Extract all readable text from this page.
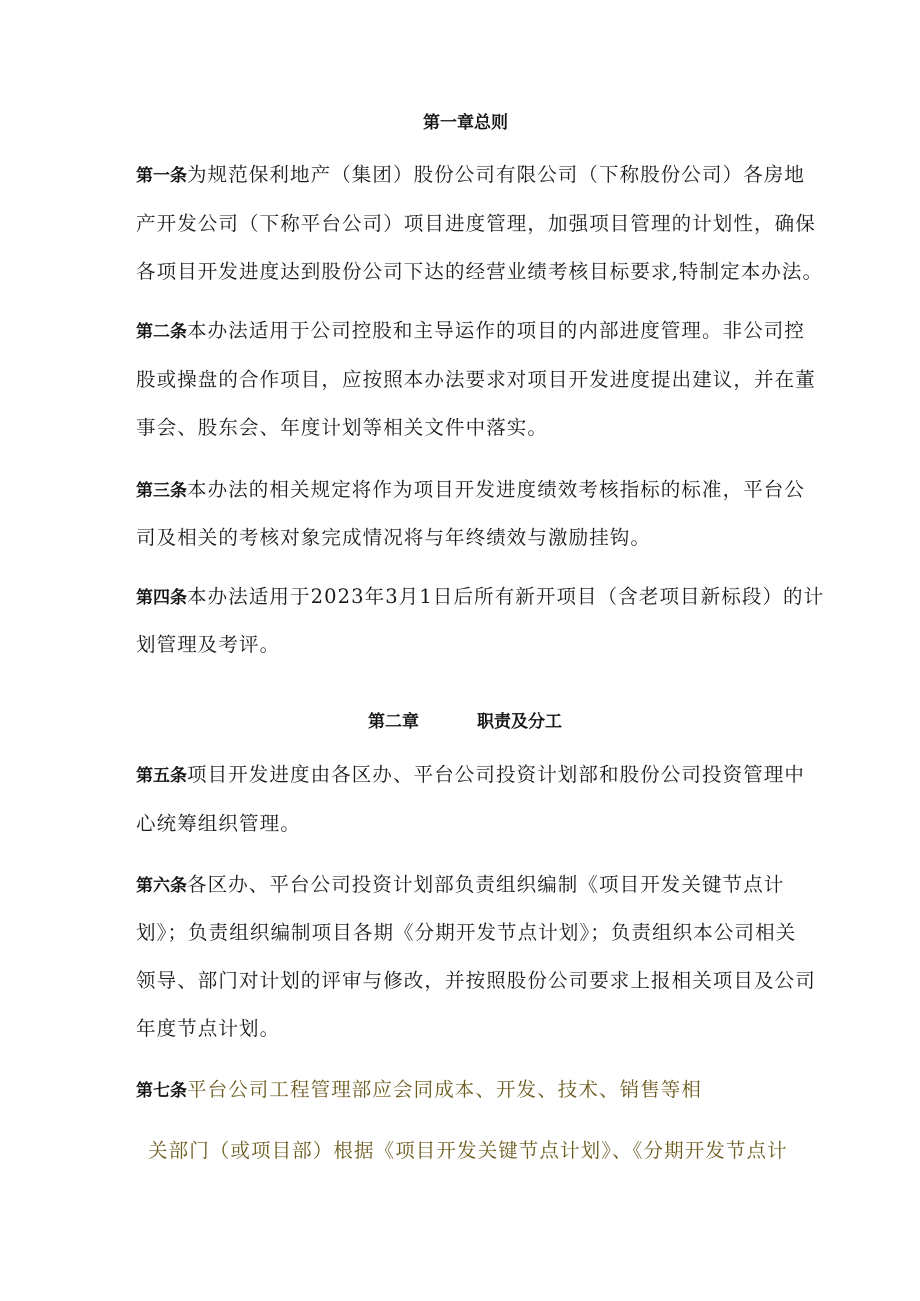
第一章总则
第一条为规范保利地产（集团）股份公司有限公司（下称股份公司）各房地
产开发公司（下称平台公司）项目进度管理，加强项目管理的计划性，确保
各项目开发进度达到股份公司下达的经营业绩考核目标要求,特制定本办法。
第二条本办法适用于公司控股和主导运作的项目的内部进度管理。非公司控
股或操盘的合作项目，应按照本办法要求对项目开发进度提出建议，并在董
事会、股东会、年度计划等相关文件中落实。
第三条本办法的相关规定将作为项目开发进度绩效考核指标的标准，平台公
司及相关的考核对象完成情况将与年终绩效与激励挂钩。
第四条本办法适用于2023年3月1日后所有新开项目（含老项目新标段）的计
划管理及考评。
第二章	职责及分工
第五条项目开发进度由各区办、平台公司投资计划部和股份公司投资管理中
心统筹组织管理。
第六条各区办、平台公司投资计划部负责组织编制《项目开发关键节点计
划》；负责组织编制项目各期《分期开发节点计划》；负责组织本公司相关
领导、部门对计划的评审与修改，并按照股份公司要求上报相关项目及公司
年度节点计划。
第七条平台公司工程管理部应会同成本、开发、技术、销售等相
关部门（或项目部）根据《项目开发关键节点计划》、《分期开发节点计
